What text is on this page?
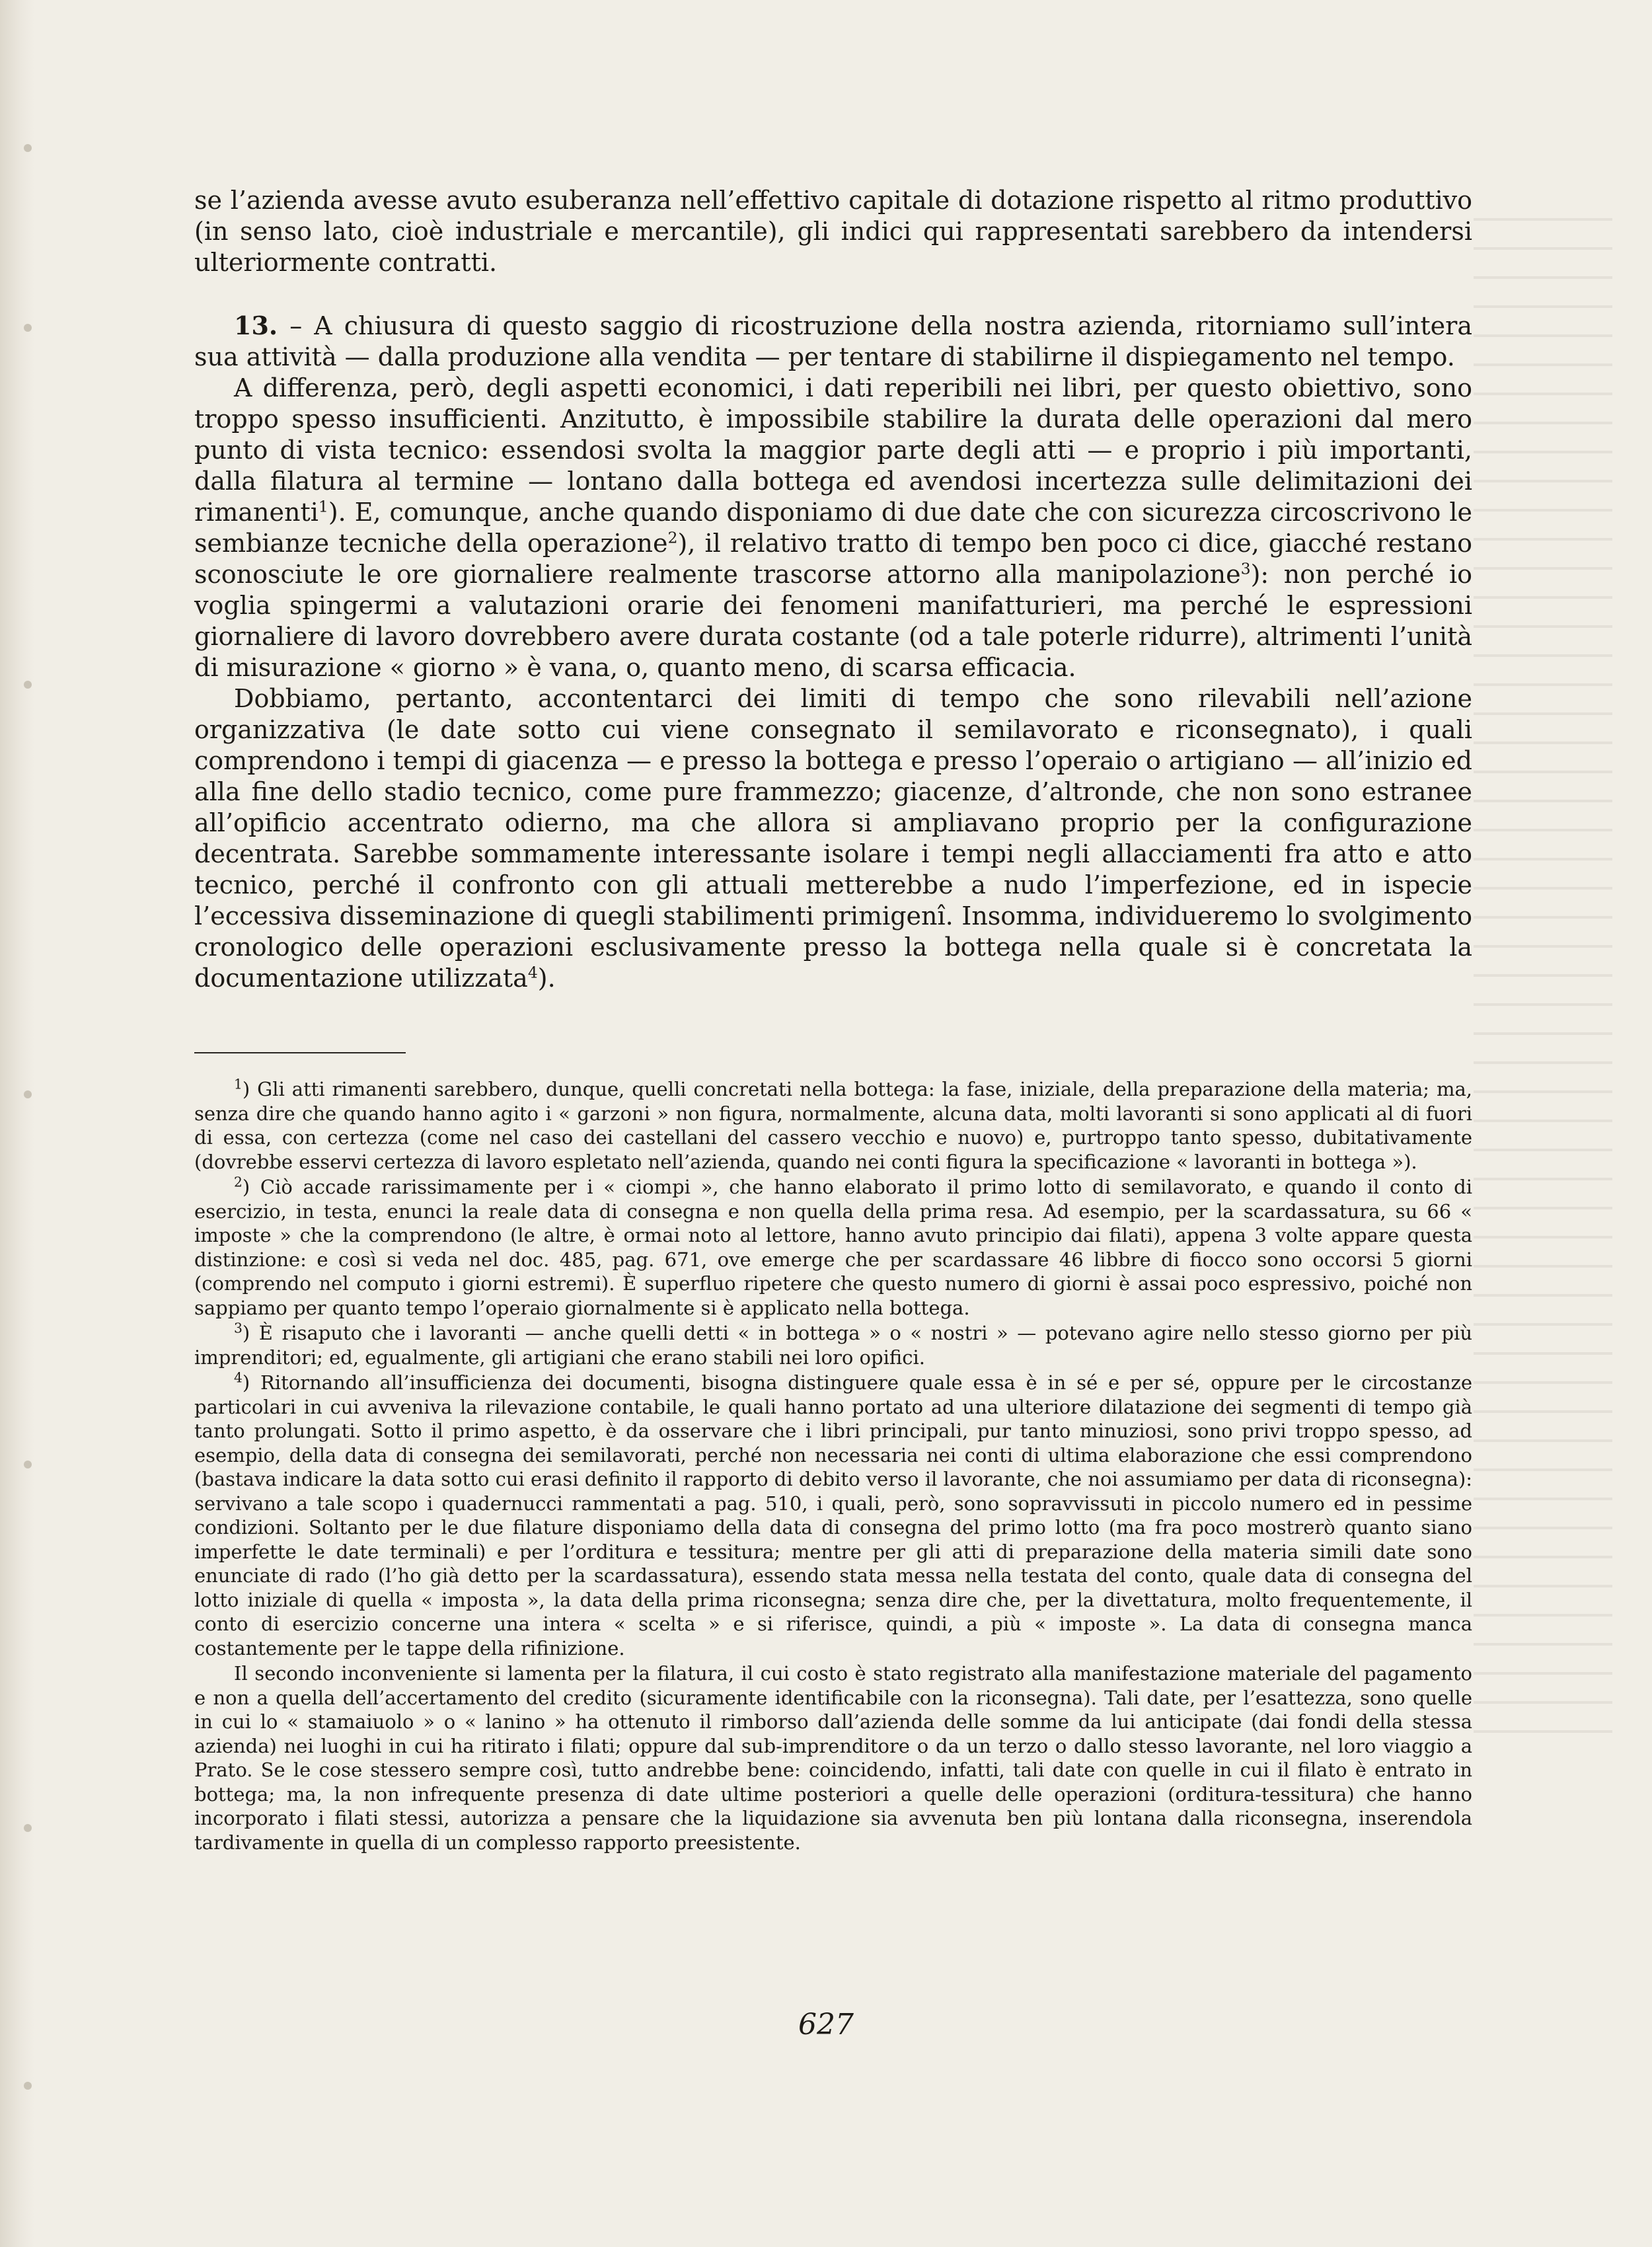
se l’azienda avesse avuto esuberanza nell’effettivo capitale di dotazione rispetto al ritmo produttivo (in senso lato, cioè industriale e mercantile), gli indici qui rappresentati sarebbero da intendersi ulteriormente contratti.

13. – A chiusura di questo saggio di ricostruzione della nostra azienda, ritorniamo sull’intera sua attività — dalla produzione alla vendita — per tentare di stabilirne il dispiegamento nel tempo.

A differenza, però, degli aspetti economici, i dati reperibili nei libri, per questo obiettivo, sono troppo spesso insufficienti. Anzitutto, è impossibile stabilire la durata delle operazioni dal mero punto di vista tecnico: essendosi svolta la maggior parte degli atti — e proprio i più importanti, dalla filatura al termine — lontano dalla bottega ed avendosi incertezza sulle delimitazioni dei rimanenti$^1$). E, comunque, anche quando disponiamo di due date che con sicurezza circoscrivono le sembianze tecniche della operazione$^2$), il relativo tratto di tempo ben poco ci dice, giacché restano sconosciute le ore giornaliere realmente trascorse attorno alla manipolazione$^3$): non perché io voglia spingermi a valutazioni orarie dei fenomeni manifatturieri, ma perché le espressioni giornaliere di lavoro dovrebbero avere durata costante (od a tale poterle ridurre), altrimenti l’unità di misurazione « giorno » è vana, o, quanto meno, di scarsa efficacia.

Dobbiamo, pertanto, accontentarci dei limiti di tempo che sono rilevabili nell’azione organizzativa (le date sotto cui viene consegnato il semilavorato e riconsegnato), i quali comprendono i tempi di giacenza — e presso la bottega e presso l’operaio o artigiano — all’inizio ed alla fine dello stadio tecnico, come pure frammezzo; giacenze, d’altronde, che non sono estranee all’opificio accentrato odierno, ma che allora si ampliavano proprio per la configurazione decentrata. Sarebbe sommamente interessante isolare i tempi negli allacciamenti fra atto e atto tecnico, perché il confronto con gli attuali metterebbe a nudo l’imperfezione, ed in ispecie l’eccessiva disseminazione di quegli stabilimenti primigenî. Insomma, individueremo lo svolgimento cronologico delle operazioni esclusivamente presso la bottega nella quale si è concretata la documentazione utilizzata$^4$).

$^1$) Gli atti rimanenti sarebbero, dunque, quelli concretati nella bottega: la fase, iniziale, della preparazione della materia; ma, senza dire che quando hanno agito i « garzoni » non figura, normalmente, alcuna data, molti lavoranti si sono applicati al di fuori di essa, con certezza (come nel caso dei castellani del cassero vecchio e nuovo) e, purtroppo tanto spesso, dubitativamente (dovrebbe esservi certezza di lavoro espletato nell’azienda, quando nei conti figura la specificazione « lavoranti in bottega »).

$^2$) Ciò accade rarissimamente per i « ciompi », che hanno elaborato il primo lotto di semilavorato, e quando il conto di esercizio, in testa, enunci la reale data di consegna e non quella della prima resa. Ad esempio, per la scardassatura, su 66 « imposte » che la comprendono (le altre, è ormai noto al lettore, hanno avuto principio dai filati), appena 3 volte appare questa distinzione: e così si veda nel doc. 485, pag. 671, ove emerge che per scardassare 46 libbre di fiocco sono occorsi 5 giorni (comprendo nel computo i giorni estremi). È superfluo ripetere che questo numero di giorni è assai poco espressivo, poiché non sappiamo per quanto tempo l’operaio giornalmente si è applicato nella bottega.

$^3$) È risaputo che i lavoranti — anche quelli detti « in bottega » o « nostri » — potevano agire nello stesso giorno per più imprenditori; ed, egualmente, gli artigiani che erano stabili nei loro opifici.

$^4$) Ritornando all’insufficienza dei documenti, bisogna distinguere quale essa è in sé e per sé, oppure per le circostanze particolari in cui avveniva la rilevazione contabile, le quali hanno portato ad una ulteriore dilatazione dei segmenti di tempo già tanto prolungati. Sotto il primo aspetto, è da osservare che i libri principali, pur tanto minuziosi, sono privi troppo spesso, ad esempio, della data di consegna dei semilavorati, perché non necessaria nei conti di ultima elaborazione che essi comprendono (bastava indicare la data sotto cui erasi definito il rapporto di debito verso il lavorante, che noi assumiamo per data di riconsegna): servivano a tale scopo i quadernucci rammentati a pag. 510, i quali, però, sono sopravvissuti in piccolo numero ed in pessime condizioni. Soltanto per le due filature disponiamo della data di consegna del primo lotto (ma fra poco mostrerò quanto siano imperfette le date terminali) e per l’orditura e tessitura; mentre per gli atti di preparazione della materia simili date sono enunciate di rado (l’ho già detto per la scardassatura), essendo stata messa nella testata del conto, quale data di consegna del lotto iniziale di quella « imposta », la data della prima riconsegna; senza dire che, per la divettatura, molto frequentemente, il conto di esercizio concerne una intera « scelta » e si riferisce, quindi, a più « imposte ». La data di consegna manca costantemente per le tappe della rifinizione.

Il secondo inconveniente si lamenta per la filatura, il cui costo è stato registrato alla manifestazione materiale del pagamento e non a quella dell’accertamento del credito (sicuramente identificabile con la riconsegna). Tali date, per l’esattezza, sono quelle in cui lo « stamaiuolo » o « lanino » ha ottenuto il rimborso dall’azienda delle somme da lui anticipate (dai fondi della stessa azienda) nei luoghi in cui ha ritirato i filati; oppure dal sub-imprenditore o da un terzo o dallo stesso lavorante, nel loro viaggio a Prato. Se le cose stessero sempre così, tutto andrebbe bene: coincidendo, infatti, tali date con quelle in cui il filato è entrato in bottega; ma, la non infrequente presenza di date ultime posteriori a quelle delle operazioni (orditura-tessitura) che hanno incorporato i filati stessi, autorizza a pensare che la liquidazione sia avvenuta ben più lontana dalla riconsegna, inserendola tardivamente in quella di un complesso rapporto preesistente.

627
